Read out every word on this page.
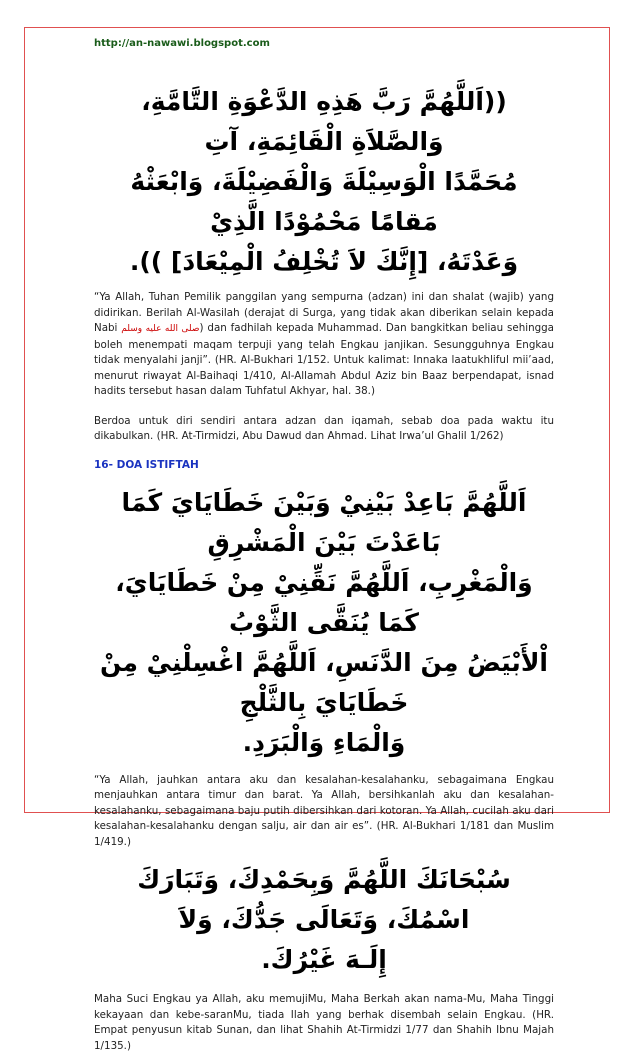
http://an-nawawi.blogspot.com

((اَللَّهُمَّ رَبَّ هَذِهِ الدَّعْوَةِ التَّامَّةِ، وَالصَّلاَةِ الْقَائِمَةِ، آتِ

مُحَمَّدًا الْوَسِيْلَةَ وَالْفَضِيْلَةَ، وَابْعَثْهُ مَقامًا مَحْمُوْدًا الَّذِيْ

وَعَدْتَهُ، [إِنَّكَ لاَ تُخْلِفُ الْمِيْعَادَ] )).

“Ya Allah, Tuhan Pemilik panggilan yang sempurna (adzan) ini dan shalat (wajib) yang didirikan. Berilah Al-Wasilah (derajat di Surga, yang tidak akan diberikan selain kepada Nabi صلى الله عليه وسلم) dan fadhilah kepada Muhammad. Dan bangkitkan beliau sehingga boleh menempati maqam terpuji yang telah Engkau janjikan. Sesungguhnya Engkau tidak menyalahi janji”. (HR. Al-Bukhari 1/152. Untuk kalimat: Innaka laatukhliful mii’aad, menurut riwayat Al-Baihaqi 1/410, Al-Allamah Abdul Aziz bin Baaz berpendapat, isnad hadits tersebut hasan dalam Tuhfatul Akhyar, hal. 38.)

Berdoa untuk diri sendiri antara adzan dan iqamah, sebab doa pada waktu itu dikabulkan. (HR. At-Tirmidzi, Abu Dawud dan Ahmad. Lihat Irwa’ul Ghalil 1/262)

16- DOA ISTIFTAH

اَللَّهُمَّ بَاعِدْ بَيْنِيْ وَبَيْنَ خَطَايَايَ كَمَا بَاعَدْتَ بَيْنَ الْمَشْرِقِ

وَالْمَغْرِبِ، اَللَّهُمَّ نَقِّنِيْ مِنْ خَطَايَايَ، كَمَا يُنَقَّى الثَّوْبُ

اْلأَبْيَضُ مِنَ الدَّنَسِ، اَللَّهُمَّ اغْسِلْنِيْ مِنْ خَطَايَايَ بِالثَّلْجِ

وَالْمَاءِ وَالْبَرَدِ.

“Ya Allah, jauhkan antara aku dan kesalahan-kesalahanku, sebagaimana Engkau menjauhkan antara timur dan barat. Ya Allah, bersihkanlah aku dan kesalahan-kesalahanku, sebagaimana baju putih dibersihkan dari kotoran. Ya Allah, cucilah aku dari kesalahan-kesalahanku dengan salju, air dan air es”. (HR. Al-Bukhari 1/181 dan Muslim 1/419.)

سُبْحَانَكَ اللَّهُمَّ وَبِحَمْدِكَ، وَتَبَارَكَ اسْمُكَ، وَتَعَالَى جَدُّكَ، وَلاَ

إِلَـهَ غَيْرُكَ.

Maha Suci Engkau ya Allah, aku memujiMu, Maha Berkah akan nama-Mu, Maha Tinggi kekayaan dan kebe-saranMu, tiada Ilah yang berhak disembah selain Engkau. (HR. Empat penyusun kitab Sunan, dan lihat Shahih At-Tirmidzi 1/77 dan Shahih Ibnu Majah 1/135.)
